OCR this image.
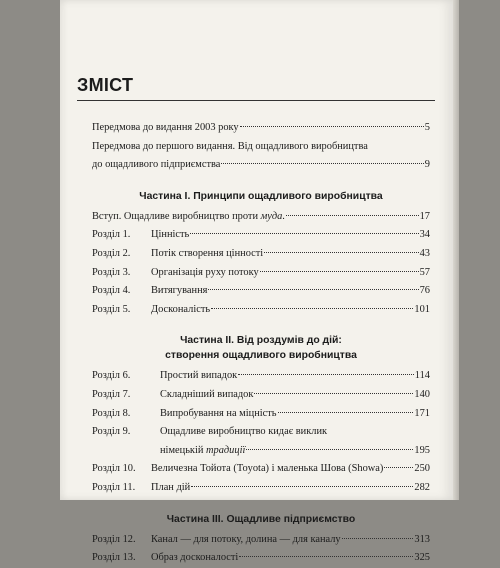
ЗМІСТ
Передмова до видання 2003 року	5
Передмова до першого видання. Від ощадливого виробництва
до ощадливого підприємства	9
Частина I. Принципи ощадливого виробництва
Вступ. Ощадливе виробництво проти муда.	17
Розділ 1. Цінність	34
Розділ 2. Потік створення цінності	43
Розділ 3. Організація руху потоку	57
Розділ 4. Витягування	76
Розділ 5. Досконалість	101
Частина II. Від роздумів до дій:
створення ощадливого виробництва
Розділ 6.	Простий випадок	114
Розділ 7.	Складніший випадок	140
Розділ 8.	Випробування на міцність	171
Розділ 9.	Ощадливе виробництво кидає виклик
німецькій традиції	195
Розділ 10. Величезна Тойота (Toyota) і маленька Шова (Showa)	250
Розділ 11. План дій	282
Частина III. Ощадливе підприємство
Розділ 12. Канал — для потоку, долина — для каналу	313
Розділ 13. Образ досконалості	325
